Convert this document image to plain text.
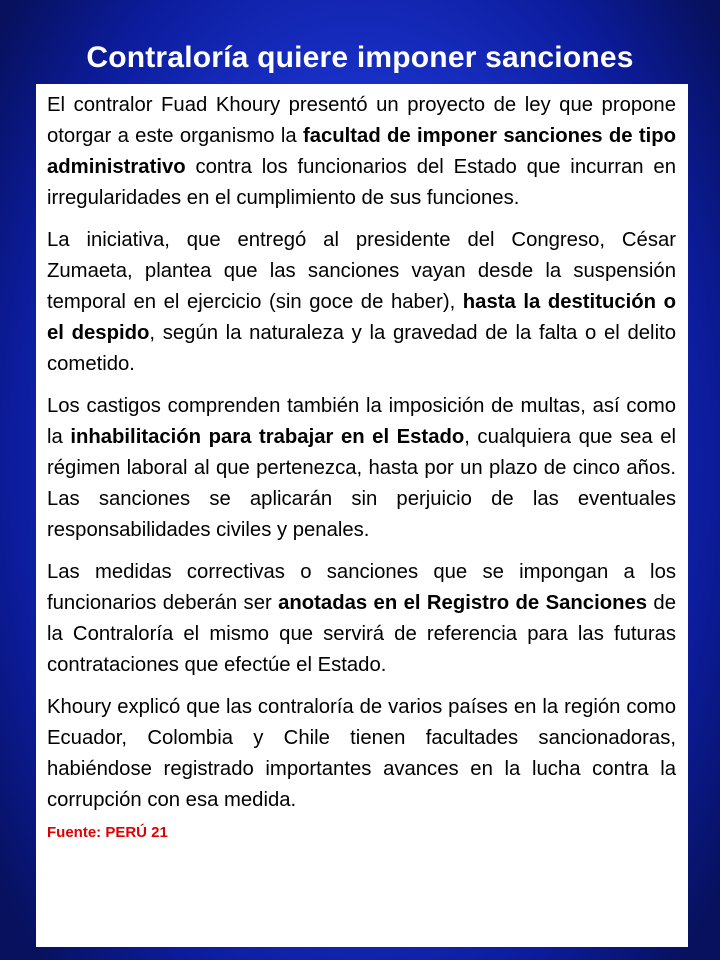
Contraloría quiere imponer sanciones

El contralor Fuad Khoury presentó un proyecto de ley que propone otorgar a este organismo la facultad de imponer sanciones de tipo administrativo contra los funcionarios del Estado que incurran en irregularidades en el cumplimiento de sus funciones.

La iniciativa, que entregó al presidente del Congreso, César Zumaeta, plantea que las sanciones vayan desde la suspensión temporal en el ejercicio (sin goce de haber), hasta la destitución o el despido, según la naturaleza y la gravedad de la falta o el delito cometido.

Los castigos comprenden también la imposición de multas, así como la inhabilitación para trabajar en el Estado, cualquiera que sea el régimen laboral al que pertenezca, hasta por un plazo de cinco años. Las sanciones se aplicarán sin perjuicio de las eventuales responsabilidades civiles y penales.

Las medidas correctivas o sanciones que se impongan a los funcionarios deberán ser anotadas en el Registro de Sanciones de la Contraloría el mismo que servirá de referencia para las futuras contrataciones que efectúe el Estado.

Khoury explicó que las contraloría de varios países en la región como Ecuador, Colombia y Chile tienen facultades sancionadoras, habiéndose registrado importantes avances en la lucha contra la corrupción con esa medida.

Fuente: PERÚ 21
